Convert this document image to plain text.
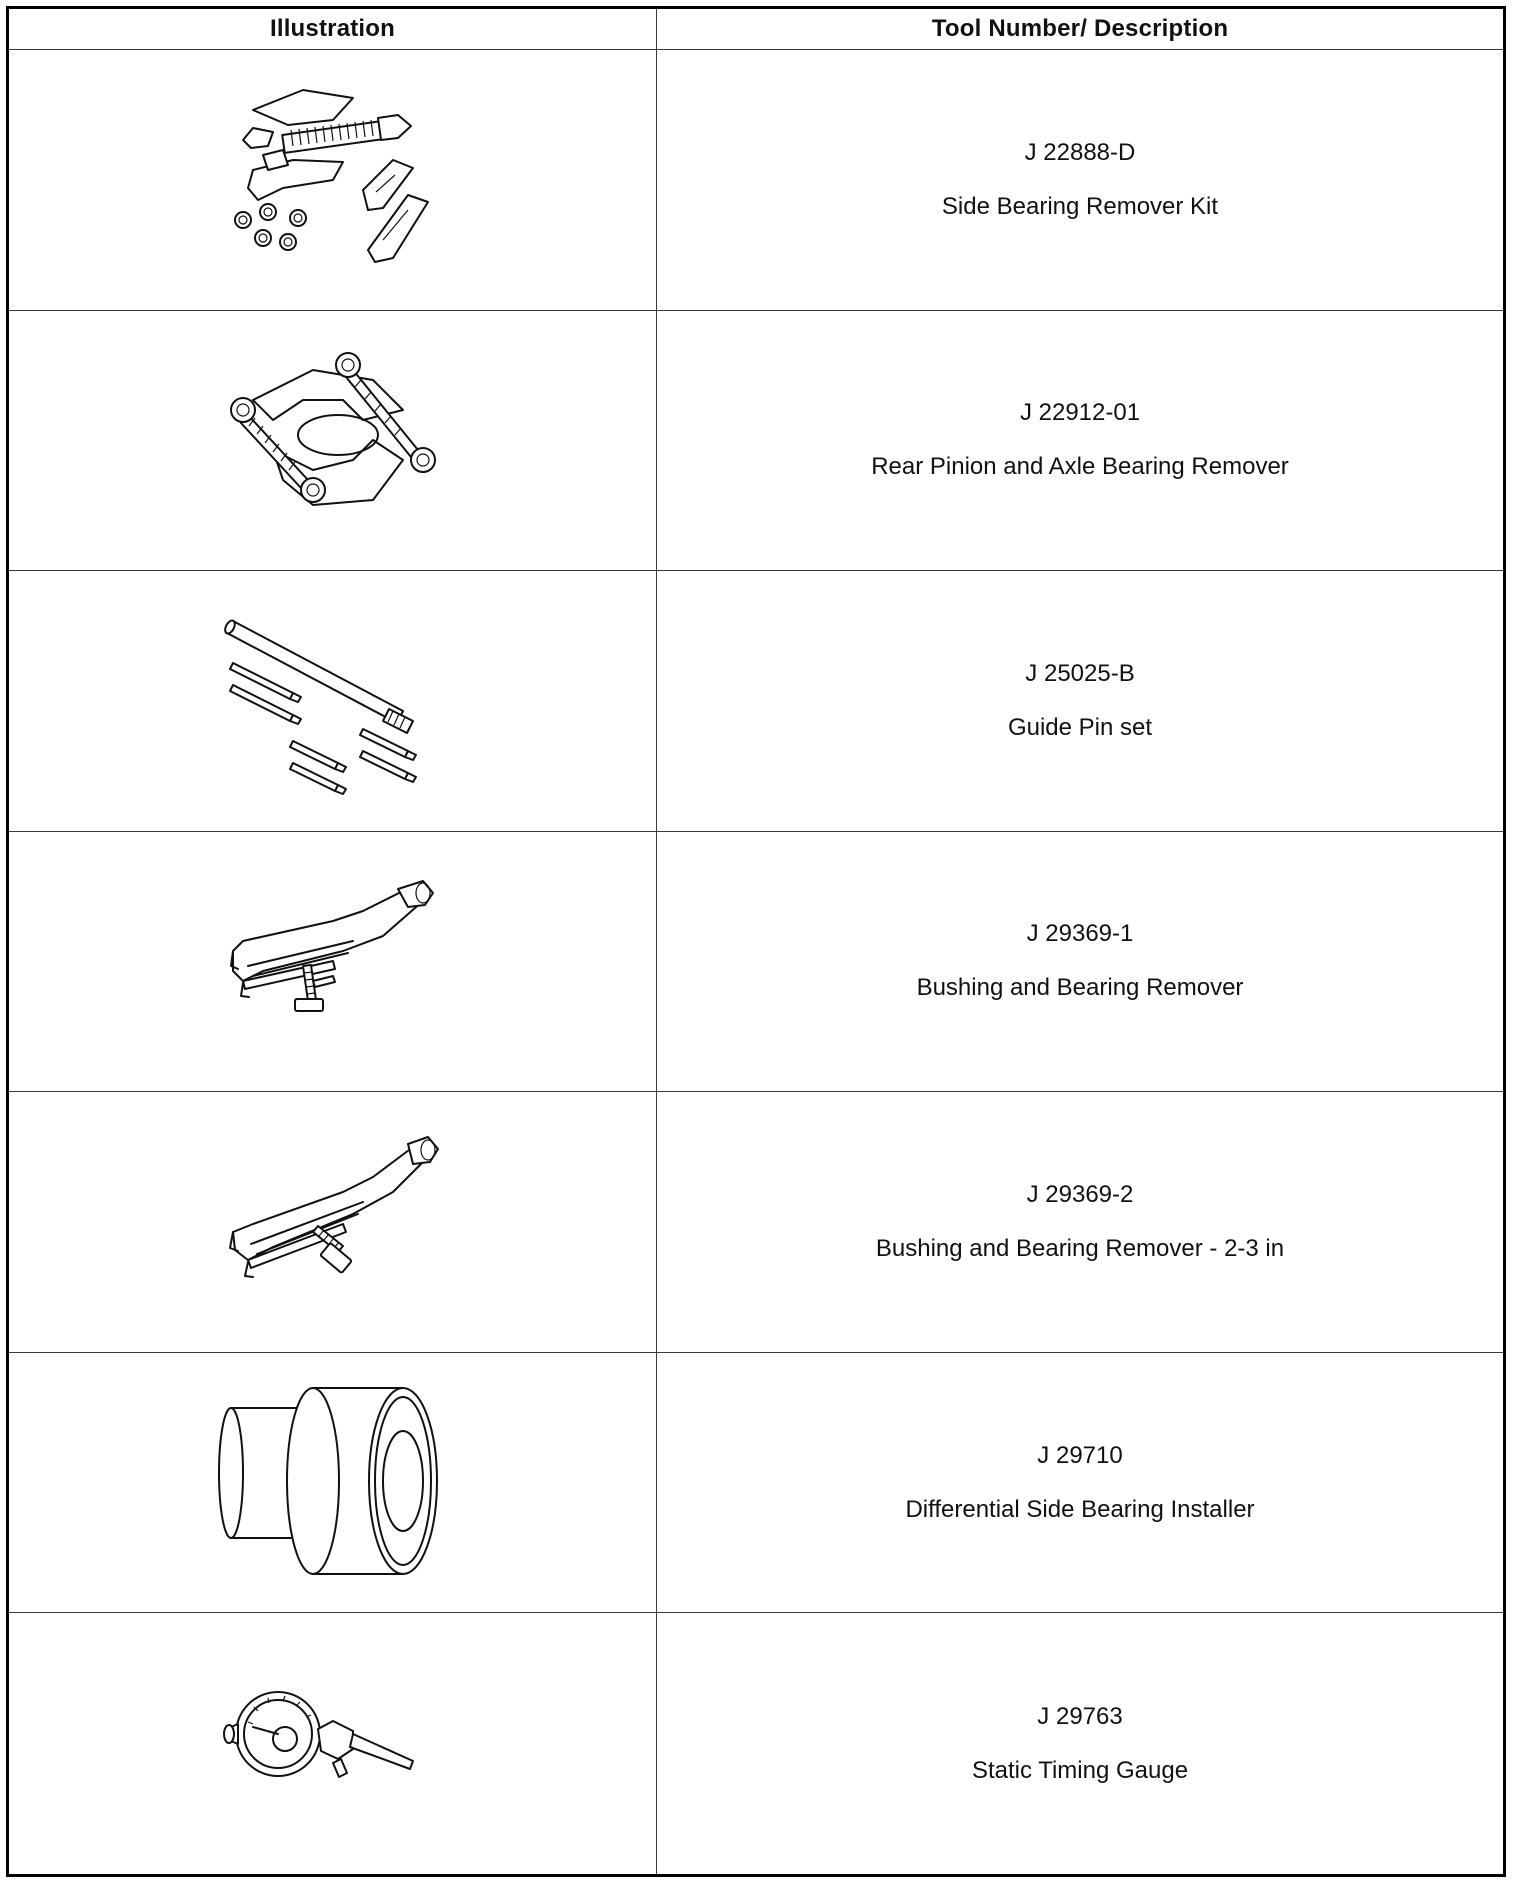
Illustration	Tool Number/ Description
J 22888-D
Side Bearing Remover Kit
J 22912-01
Rear Pinion and Axle Bearing Remover
J 25025-B
Guide Pin set
J 29369-1
Bushing and Bearing Remover
J 29369-2
Bushing and Bearing Remover - 2-3 in
J 29710
Differential Side Bearing Installer
J 29763
Static Timing Gauge
